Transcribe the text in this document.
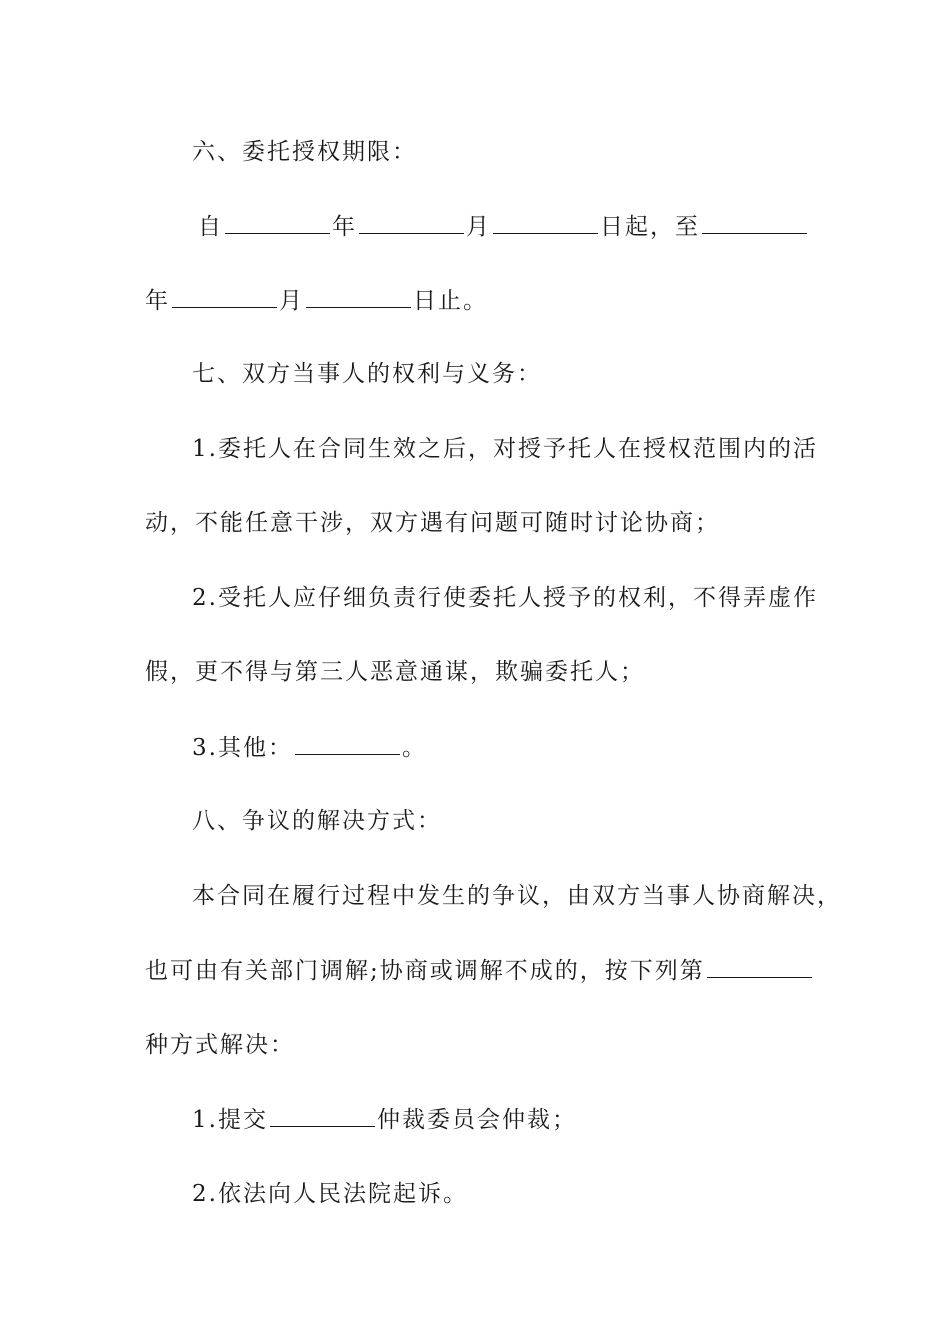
六、委托授权期限：
自	年	月	日起，至
年	月	日止。
七、双方当事人的权利与义务：
1.委托人在合同生效之后，对授予托人在授权范围内的活
动，不能任意干涉，双方遇有问题可随时讨论协商；
2.受托人应仔细负责行使委托人授予的权利，不得弄虚作
假，更不得与第三人恶意通谋，欺骗委托人；
3.其他：	。
八、争议的解决方式：
本合同在履行过程中发生的争议，由双方当事人协商解决，
也可由有关部门调解;协商或调解不成的，按下列第
种方式解决：
1.提交	仲裁委员会仲裁；
2.依法向人民法院起诉。
